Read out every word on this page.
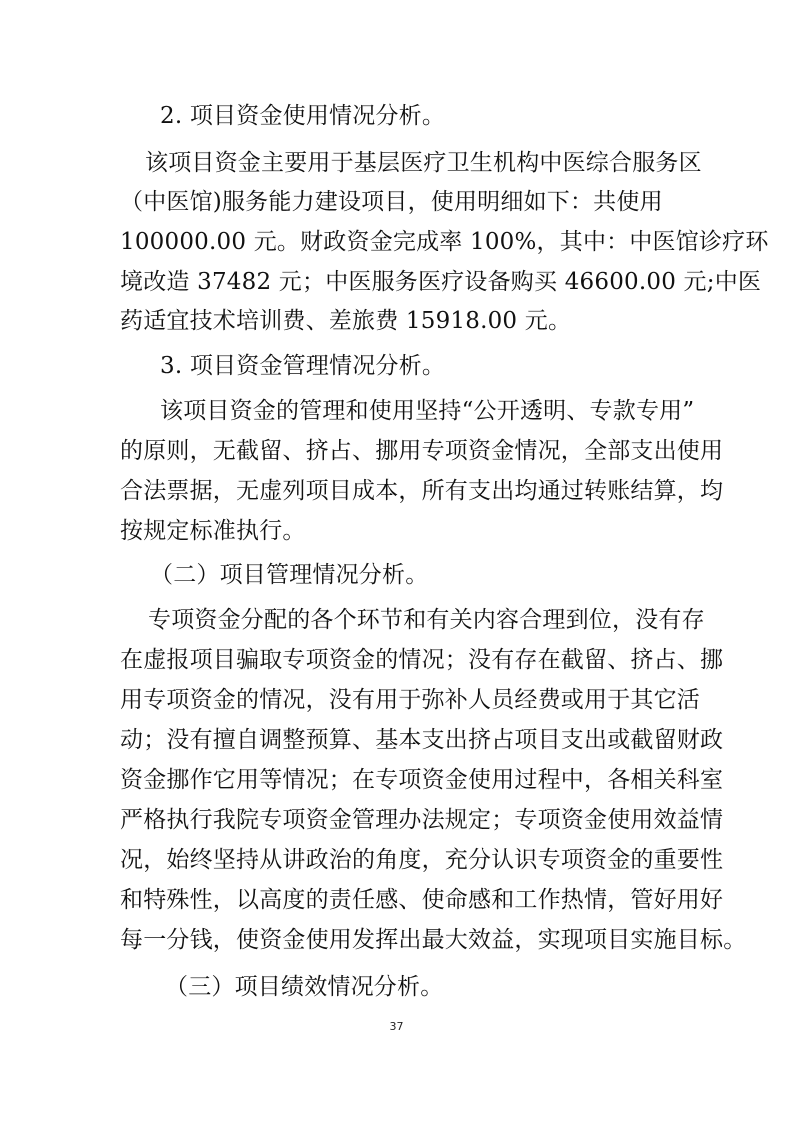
2. 项目资金使用情况分析。
该项目资金主要用于基层医疗卫生机构中医综合服务区
（中医馆)服务能力建设项目，使用明细如下：共使用
100000.00 元。财政资金完成率 100%，其中：中医馆诊疗环
境改造 37482 元；中医服务医疗设备购买 46600.00 元;中医
药适宜技术培训费、差旅费 15918.00 元。
3. 项目资金管理情况分析。
该项目资金的管理和使用坚持“公开透明、专款专用”
的原则，无截留、挤占、挪用专项资金情况，全部支出使用
合法票据，无虚列项目成本，所有支出均通过转账结算，均
按规定标准执行。
（二）项目管理情况分析。
专项资金分配的各个环节和有关内容合理到位，没有存
在虚报项目骗取专项资金的情况；没有存在截留、挤占、挪
用专项资金的情况，没有用于弥补人员经费或用于其它活
动；没有擅自调整预算、基本支出挤占项目支出或截留财政
资金挪作它用等情况；在专项资金使用过程中，各相关科室
严格执行我院专项资金管理办法规定；专项资金使用效益情
况，始终坚持从讲政治的角度，充分认识专项资金的重要性
和特殊性，以高度的责任感、使命感和工作热情，管好用好
每一分钱，使资金使用发挥出最大效益，实现项目实施目标。
（三）项目绩效情况分析。
37
